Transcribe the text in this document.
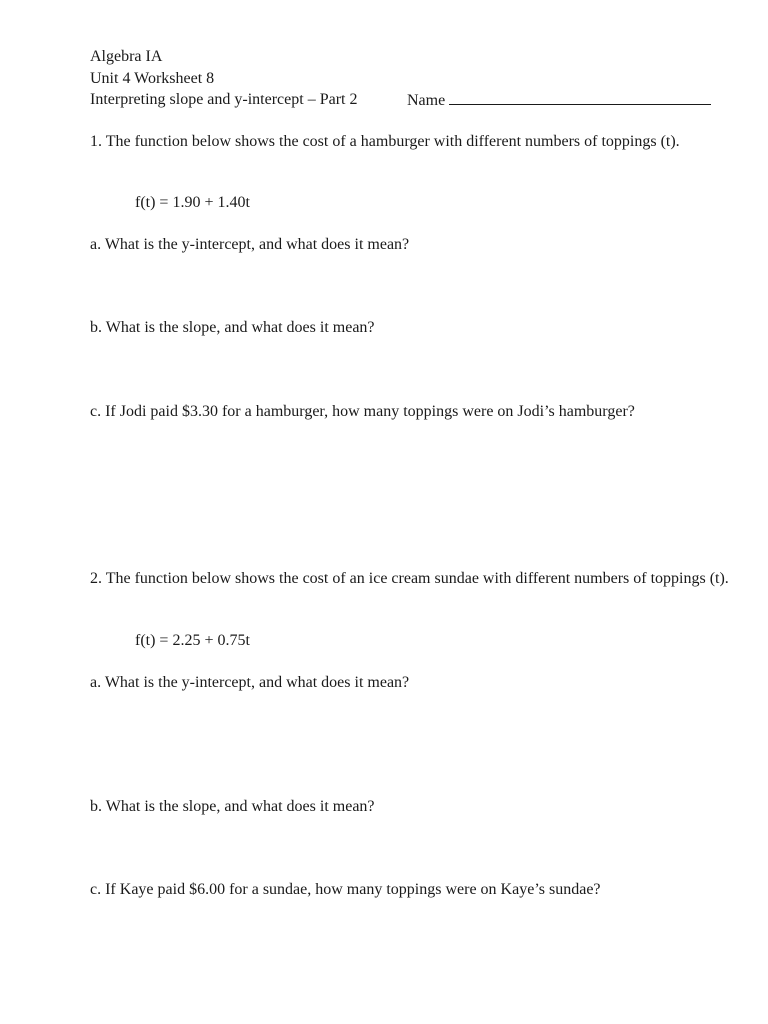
Algebra IA
Unit 4 Worksheet 8
Interpreting slope and y-intercept – Part 2	Name
1. The function below shows the cost of a hamburger with different numbers of toppings (t).
f(t) = 1.90 + 1.40t
a. What is the y-intercept, and what does it mean?
b. What is the slope, and what does it mean?
c. If Jodi paid $3.30 for a hamburger, how many toppings were on Jodi’s hamburger?
2. The function below shows the cost of an ice cream sundae with different numbers of toppings (t).
f(t) = 2.25 + 0.75t
a. What is the y-intercept, and what does it mean?
b. What is the slope, and what does it mean?
c. If Kaye paid $6.00 for a sundae, how many toppings were on Kaye’s sundae?
